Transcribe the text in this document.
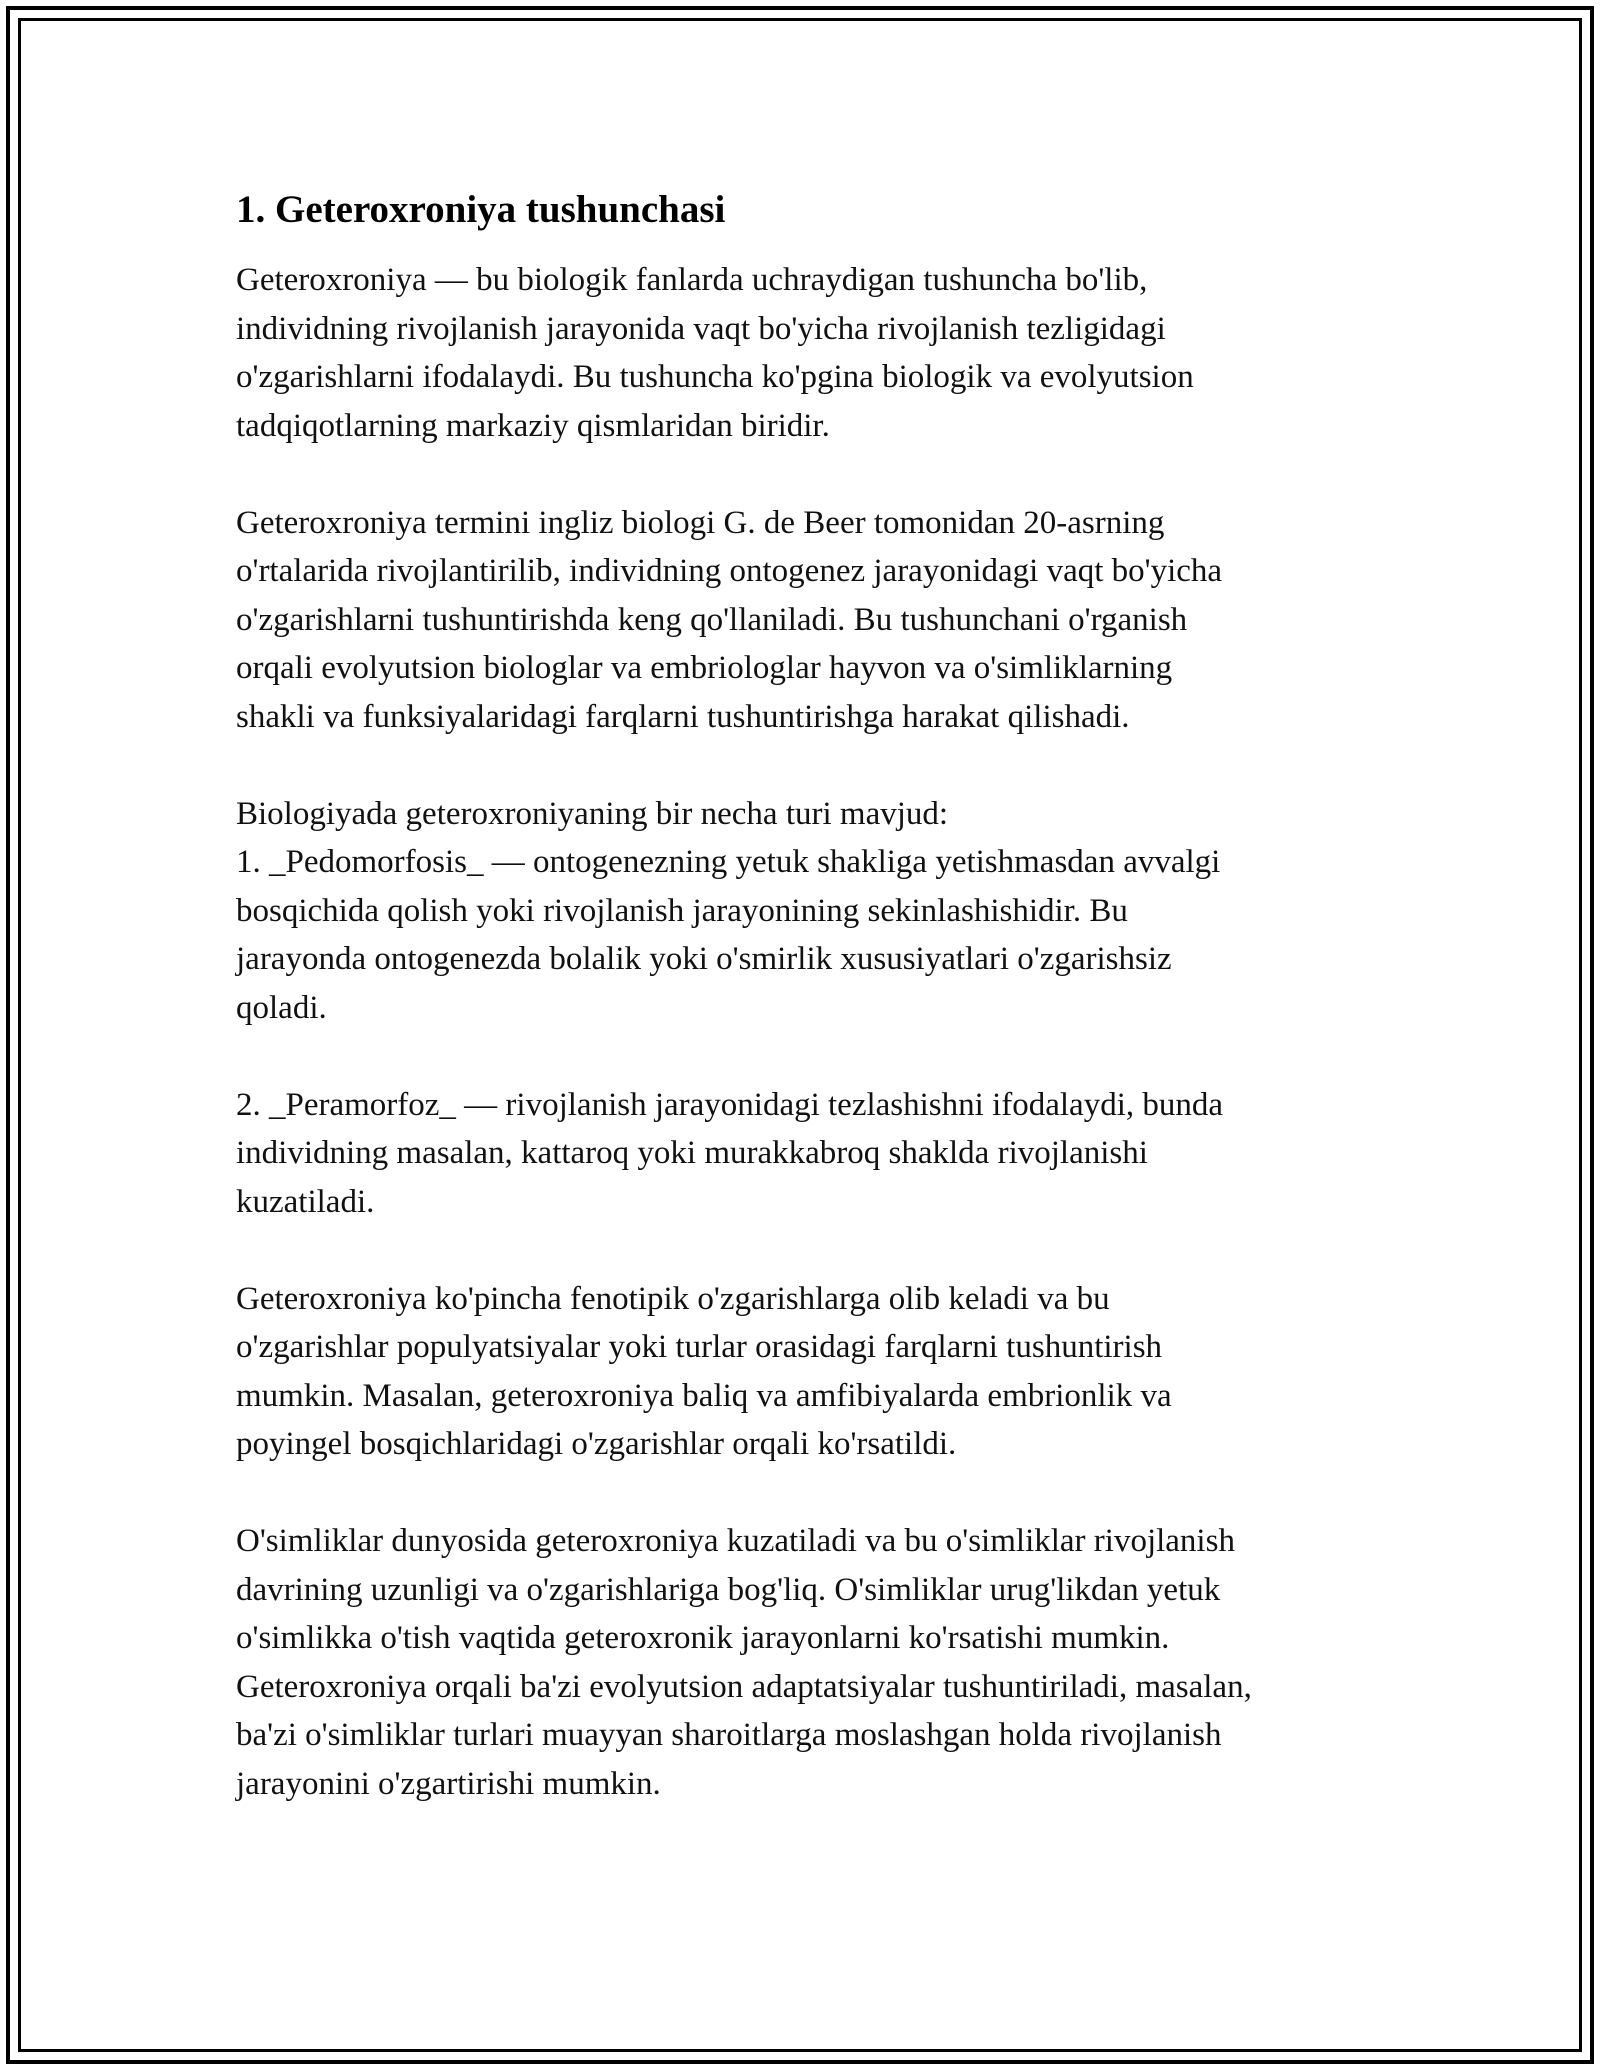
1. Geteroxroniya tushunchasi

Geteroxroniya — bu biologik fanlarda uchraydigan tushuncha bo'lib,
individning rivojlanish jarayonida vaqt bo'yicha rivojlanish tezligidagi
o'zgarishlarni ifodalaydi. Bu tushuncha ko'pgina biologik va evolyutsion
tadqiqotlarning markaziy qismlaridan biridir.

Geteroxroniya termini ingliz biologi G. de Beer tomonidan 20-asrning
o'rtalarida rivojlantirilib, individning ontogenez jarayonidagi vaqt bo'yicha
o'zgarishlarni tushuntirishda keng qo'llaniladi. Bu tushunchani o'rganish
orqali evolyutsion biologlar va embriologlar hayvon va o'simliklarning
shakli va funksiyalaridagi farqlarni tushuntirishga harakat qilishadi.

Biologiyada geteroxroniyaning bir necha turi mavjud:
1. _Pedomorfosis_ — ontogenezning yetuk shakliga yetishmasdan avvalgi
bosqichida qolish yoki rivojlanish jarayonining sekinlashishidir. Bu
jarayonda ontogenezda bolalik yoki o'smirlik xususiyatlari o'zgarishsiz
qoladi.

2. _Peramorfoz_ — rivojlanish jarayonidagi tezlashishni ifodalaydi, bunda
individning masalan, kattaroq yoki murakkabroq shaklda rivojlanishi
kuzatiladi.

Geteroxroniya ko'pincha fenotipik o'zgarishlarga olib keladi va bu
o'zgarishlar populyatsiyalar yoki turlar orasidagi farqlarni tushuntirish
mumkin. Masalan, geteroxroniya baliq va amfibiyalarda embrionlik va
poyingel bosqichlaridagi o'zgarishlar orqali ko'rsatildi.

O'simliklar dunyosida geteroxroniya kuzatiladi va bu o'simliklar rivojlanish
davrining uzunligi va o'zgarishlariga bog'liq. O'simliklar urug'likdan yetuk
o'simlikka o'tish vaqtida geteroxronik jarayonlarni ko'rsatishi mumkin.
Geteroxroniya orqali ba'zi evolyutsion adaptatsiyalar tushuntiriladi, masalan,
ba'zi o'simliklar turlari muayyan sharoitlarga moslashgan holda rivojlanish
jarayonini o'zgartirishi mumkin.
